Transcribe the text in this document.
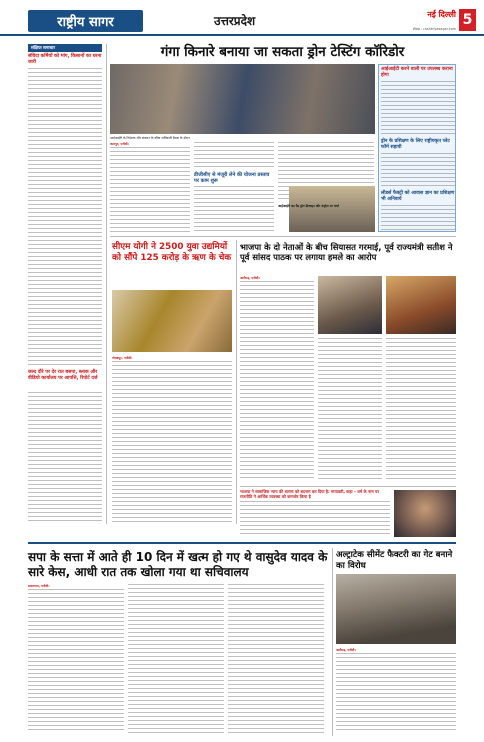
राष्ट्रीय सागर	उत्तरप्रदेश	नई दिल्ली
Web : rashtriyasagar.com
5
संक्षिप्त समाचार
संविदा कर्मियों को मांग, किसानों का धरना जारी
जल्द दौरे पर देर रात बसपा, ब्लाक और वीडियो कार्यालय पर आपत्ति, रिपोर्ट दर्ज
गंगा किनारे बनाया जा सकता ड्रोन टेस्टिंग कॉरिडोर
आईआईटी के निदेशक और संस्थान के वरिष्ठ अधिकारी बैठक के दौरान
कानपुर, एजेंसी।
डीजीसीए से मंजूरी लेने की योजना प्रस्ताव पर काम शुरू
आईआईटी का पैड ड्रोन डिजाइन और कंट्रोल पर चर्चा
आईआईटी करने वाली पर उपलब्ध कराना होगा
ड्रोन के प्रशिक्षण के लिए राष्ट्रीयकृत प्लेट फॉर्म सहायी
लीडर्स फैक्ट्री को आवास ज्ञान का प्रशिक्षण भी अनिवार्य
सीएम योगी ने 2500 युवा उद्यमियों को सौंपे 125 करोड़ के ऋण के चेक
गोरखपुर, एजेंसी।
भाजपा के दो नेताओं के बीच सियासत गरमाई, पूर्व राज्यमंत्री सतीश ने पूर्व सांसद पाठक पर लगाया हमले का आरोप
अलीगढ़, एजेंसी।
भाजपा ने सामाजिक न्याय की धारणा को बदनाम कर दिया है: मायावती, कहा – धर्म के नाम पर राजनीति ने आर्थिक व्यवस्था को कमजोर किया है
सपा के सत्ता में आते ही 10 दिन में खत्म हो गए थे वासुदेव यादव के सारे केस, आधी रात तक खोला गया था सचिवालय
प्रयागराज, एजेंसी।
अल्ट्राटेक सीमेंट फैक्टरी का गेट बनाने का विरोध
अलीगढ़, एजेंसी।
